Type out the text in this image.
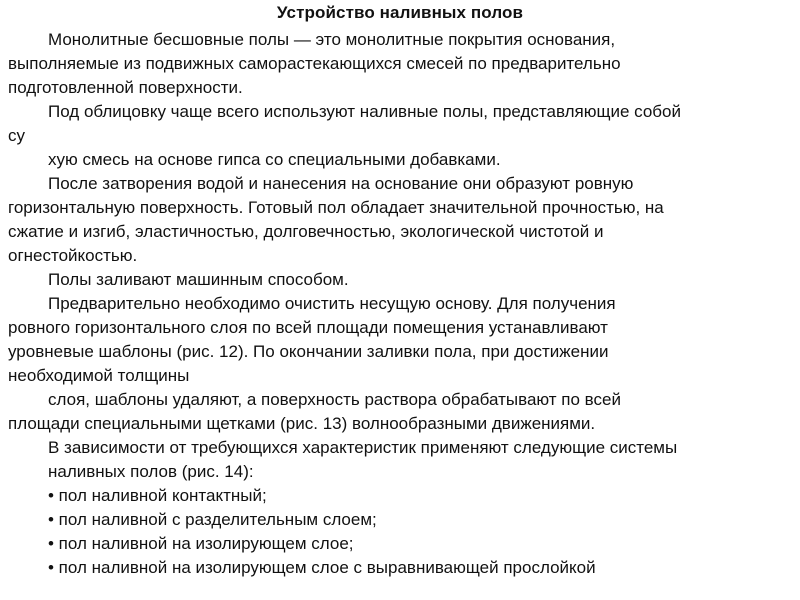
Устройство наливных полов
Монолитные бесшовные полы — это монолитные покрытия основания,
выполняемые из подвижных саморастекающихся смесей по предварительно
подготовленной поверхности.
Под облицовку чаще всего используют наливные полы, представляющие собой
су
хую смесь на основе гипса со специальными добавками.
После затворения водой и нанесения на основание они образуют ровную
горизонтальную поверхность. Готовый пол обладает значительной прочностью, на
сжатие и изгиб, эластичностью, долговечностью, экологической чистотой и
огнестойкостью.
Полы заливают машинным способом.
Предварительно необходимо очистить несущую основу. Для получения
ровного горизонтального слоя по всей площади помещения устанавливают
уровневые шаблоны (рис. 12). По окончании заливки пола, при достижении
необходимой толщины
слоя, шаблоны удаляют, а поверхность раствора обрабатывают по всей
площади специальными щетками (рис. 13) волнообразными движениями.
В зависимости от требующихся характеристик применяют следующие системы
наливных полов (рис. 14):
• пол наливной контактный;
• пол наливной с разделительным слоем;
• пол наливной на изолирующем слое;
• пол наливной на изолирующем слое с выравнивающей прослойкой
